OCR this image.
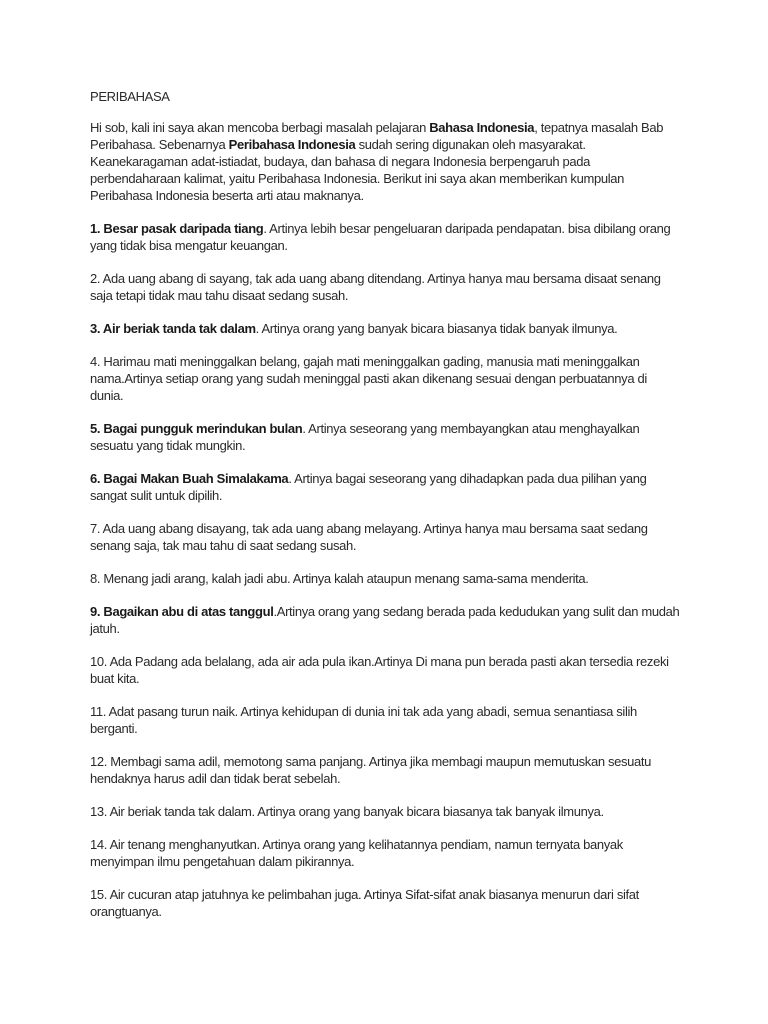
PERIBAHASA

Hi sob, kali ini saya akan mencoba berbagi masalah pelajaran Bahasa Indonesia, tepatnya masalah Bab Peribahasa. Sebenarnya Peribahasa Indonesia sudah sering digunakan oleh masyarakat. Keanekaragaman adat-istiadat, budaya, dan bahasa di negara Indonesia berpengaruh pada perbendaharaan kalimat, yaitu Peribahasa Indonesia. Berikut ini saya akan memberikan kumpulan Peribahasa Indonesia beserta arti atau maknanya.

1. Besar pasak daripada tiang. Artinya lebih besar pengeluaran daripada pendapatan. bisa dibilang orang yang tidak bisa mengatur keuangan.

2. Ada uang abang di sayang, tak ada uang abang ditendang. Artinya hanya mau bersama disaat senang saja tetapi tidak mau tahu disaat sedang susah.

3. Air beriak tanda tak dalam. Artinya orang yang banyak bicara biasanya tidak banyak ilmunya.

4. Harimau mati meninggalkan belang, gajah mati meninggalkan gading, manusia mati meninggalkan nama.Artinya setiap orang yang sudah meninggal pasti akan dikenang sesuai dengan perbuatannya di dunia.

5. Bagai pungguk merindukan bulan. Artinya seseorang yang membayangkan atau menghayalkan sesuatu yang tidak mungkin.

6. Bagai Makan Buah Simalakama. Artinya bagai seseorang yang dihadapkan pada dua pilihan yang sangat sulit untuk dipilih.

7. Ada uang abang disayang, tak ada uang abang melayang. Artinya hanya mau bersama saat sedang senang saja, tak mau tahu di saat sedang susah.

8. Menang jadi arang, kalah jadi abu. Artinya kalah ataupun menang sama-sama menderita.

9. Bagaikan abu di atas tanggul.Artinya orang yang sedang berada pada kedudukan yang sulit dan mudah jatuh.

10. Ada Padang ada belalang, ada air ada pula ikan.Artinya Di mana pun berada pasti akan tersedia rezeki buat kita.

11. Adat pasang turun naik. Artinya kehidupan di dunia ini tak ada yang abadi, semua senantiasa silih berganti.

12. Membagi sama adil, memotong sama panjang. Artinya jika membagi maupun memutuskan sesuatu hendaknya harus adil dan tidak berat sebelah.

13. Air beriak tanda tak dalam. Artinya orang yang banyak bicara biasanya tak banyak ilmunya.

14. Air tenang menghanyutkan. Artinya orang yang kelihatannya pendiam, namun ternyata banyak menyimpan ilmu pengetahuan dalam pikirannya.

15. Air cucuran atap jatuhnya ke pelimbahan juga. Artinya Sifat-sifat anak biasanya menurun dari sifat orangtuanya.
